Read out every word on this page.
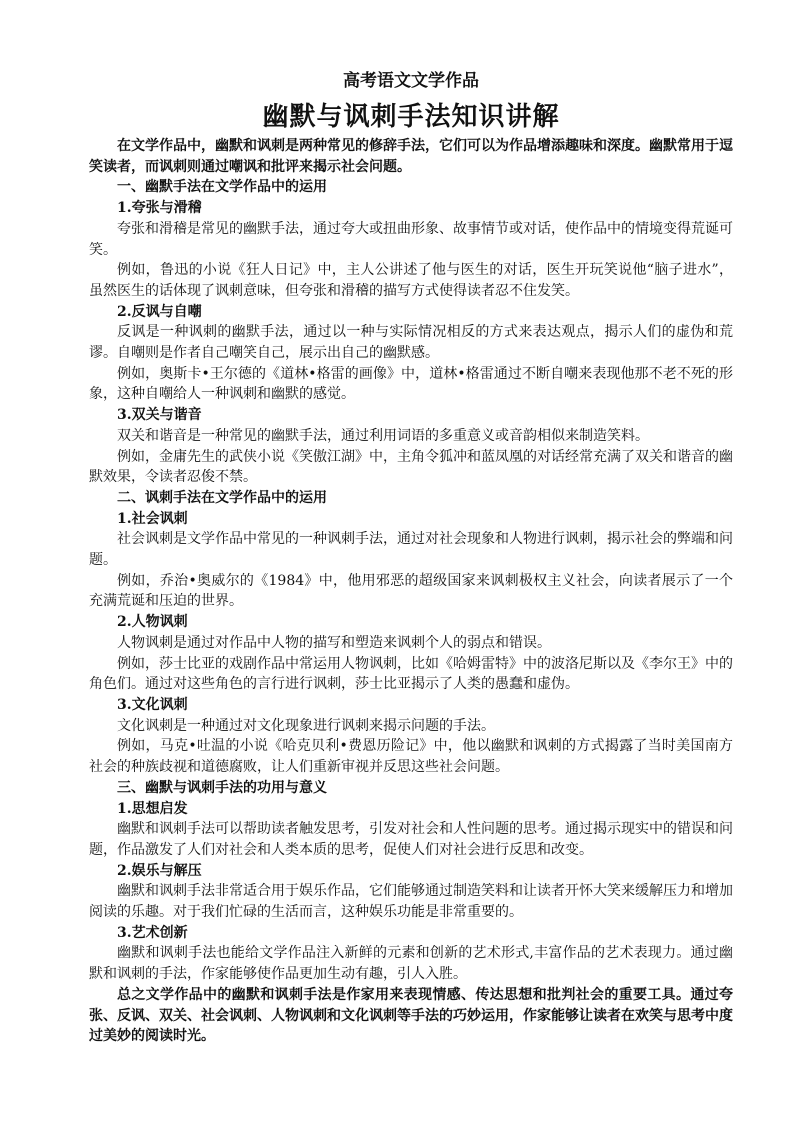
高考语文文学作品
幽默与讽刺手法知识讲解

在文学作品中，幽默和讽刺是两种常见的修辞手法，它们可以为作品增添趣味和深度。幽默常用于逗笑读者，而讽刺则通过嘲讽和批评来揭示社会问题。

一、幽默手法在文学作品中的运用

1.夸张与滑稽

夸张和滑稽是常见的幽默手法，通过夸大或扭曲形象、故事情节或对话，使作品中的情境变得荒诞可笑。

例如，鲁迅的小说《狂人日记》中，主人公讲述了他与医生的对话，医生开玩笑说他“脑子进水”，虽然医生的话体现了讽刺意味，但夸张和滑稽的描写方式使得读者忍不住发笑。

2.反讽与自嘲

反讽是一种讽刺的幽默手法，通过以一种与实际情况相反的方式来表达观点，揭示人们的虚伪和荒谬。自嘲则是作者自己嘲笑自己，展示出自己的幽默感。

例如，奥斯卡•王尔德的《道林•格雷的画像》中，道林•格雷通过不断自嘲来表现他那不老不死的形象，这种自嘲给人一种讽刺和幽默的感觉。

3.双关与谐音

双关和谐音是一种常见的幽默手法，通过利用词语的多重意义或音韵相似来制造笑料。

例如，金庸先生的武侠小说《笑傲江湖》中，主角令狐冲和蓝凤凰的对话经常充满了双关和谐音的幽默效果，令读者忍俊不禁。

二、讽刺手法在文学作品中的运用

1.社会讽刺

社会讽刺是文学作品中常见的一种讽刺手法，通过对社会现象和人物进行讽刺，揭示社会的弊端和问题。

例如，乔治•奥威尔的《1984》中，他用邪恶的超级国家来讽刺极权主义社会，向读者展示了一个充满荒诞和压迫的世界。

2.人物讽刺

人物讽刺是通过对作品中人物的描写和塑造来讽刺个人的弱点和错误。

例如，莎士比亚的戏剧作品中常运用人物讽刺，比如《哈姆雷特》中的波洛尼斯以及《李尔王》中的角色们。通过对这些角色的言行进行讽刺，莎士比亚揭示了人类的愚蠢和虚伪。

3.文化讽刺

文化讽刺是一种通过对文化现象进行讽刺来揭示问题的手法。

例如，马克•吐温的小说《哈克贝利•费恩历险记》中，他以幽默和讽刺的方式揭露了当时美国南方社会的种族歧视和道德腐败，让人们重新审视并反思这些社会问题。

三、幽默与讽刺手法的功用与意义

1.思想启发

幽默和讽刺手法可以帮助读者触发思考，引发对社会和人性问题的思考。通过揭示现实中的错误和问题，作品激发了人们对社会和人类本质的思考，促使人们对社会进行反思和改变。

2.娱乐与解压

幽默和讽刺手法非常适合用于娱乐作品，它们能够通过制造笑料和让读者开怀大笑来缓解压力和增加阅读的乐趣。对于我们忙碌的生活而言，这种娱乐功能是非常重要的。

3.艺术创新

幽默和讽刺手法也能给文学作品注入新鲜的元素和创新的艺术形式,丰富作品的艺术表现力。通过幽默和讽刺的手法，作家能够使作品更加生动有趣，引人入胜。

总之文学作品中的幽默和讽刺手法是作家用来表现情感、传达思想和批判社会的重要工具。通过夸张、反讽、双关、社会讽刺、人物讽刺和文化讽刺等手法的巧妙运用，作家能够让读者在欢笑与思考中度过美妙的阅读时光。
